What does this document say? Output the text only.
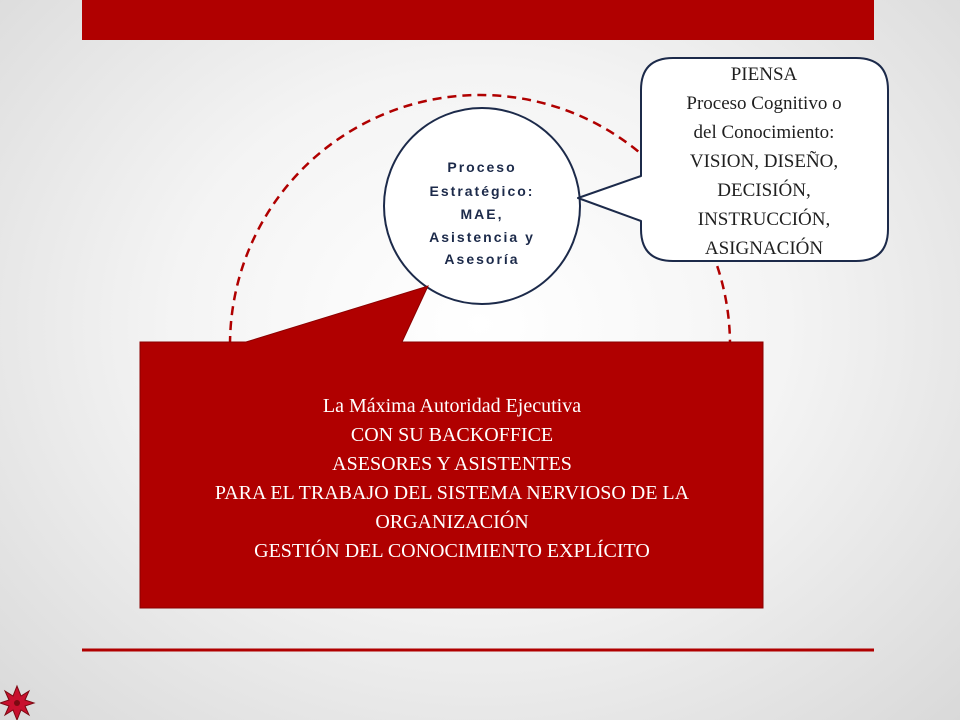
Proceso
Estratégico:
MAE,
Asistencia y
Asesoría
PIENSA
Proceso Cognitivo o
del Conocimiento:
VISION, DISEÑO,
DECISIÓN,
INSTRUCCIÓN,
ASIGNACIÓN
La Máxima Autoridad Ejecutiva
CON SU BACKOFFICE
ASESORES Y ASISTENTES
PARA EL TRABAJO DEL SISTEMA NERVIOSO DE LA
ORGANIZACIÓN
GESTIÓN DEL CONOCIMIENTO EXPLÍCITO
